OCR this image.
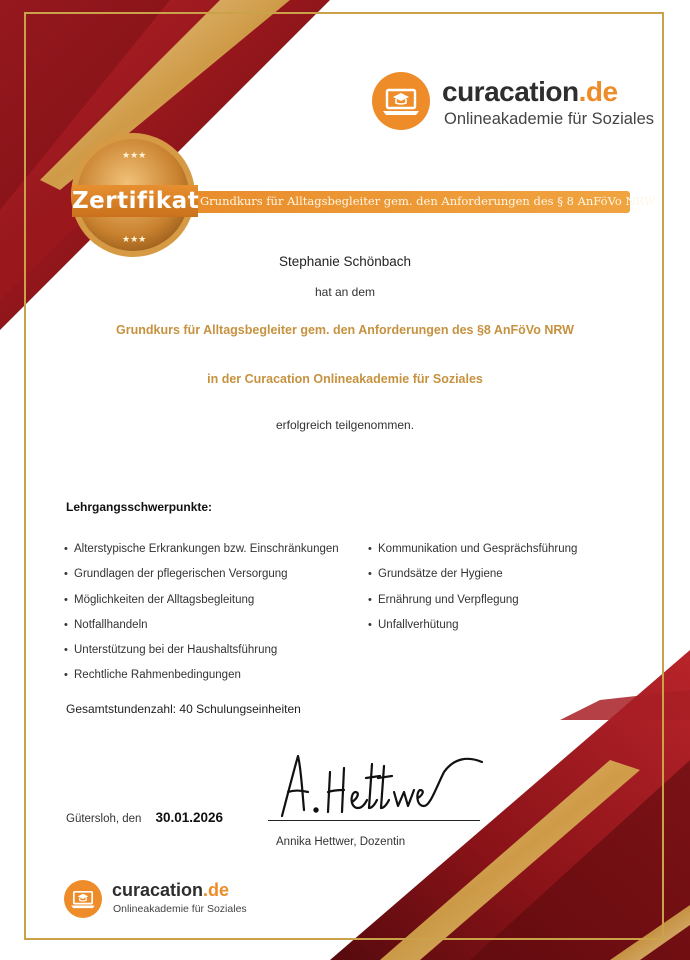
curacation.de
Onlineakademie für Soziales
Grundkurs für Alltagsbegleiter gem. den Anforderungen des § 8 AnFöVo NRW
★★★
★★★
Zertifikat
Stephanie Schönbach
hat an dem
Grundkurs für Alltagsbegleiter gem. den Anforderungen des §8 AnFöVo NRW
in der Curacation Onlineakademie für Soziales
erfolgreich teilgenommen.
Lehrgangsschwerpunkte:
• Alterstypische Erkrankungen bzw. Einschränkungen
• Grundlagen der pflegerischen Versorgung
• Möglichkeiten der Alltagsbegleitung
• Notfallhandeln
• Unterstützung bei der Haushaltsführung
• Rechtliche Rahmenbedingungen
• Kommunikation und Gesprächsführung
• Grundsätze der Hygiene
• Ernährung und Verpflegung
• Unfallverhütung
Gesamtstundenzahl: 40 Schulungseinheiten
Gütersloh, den 30.01.2026
Annika Hettwer, Dozentin
curacation.de
Onlineakademie für Soziales
